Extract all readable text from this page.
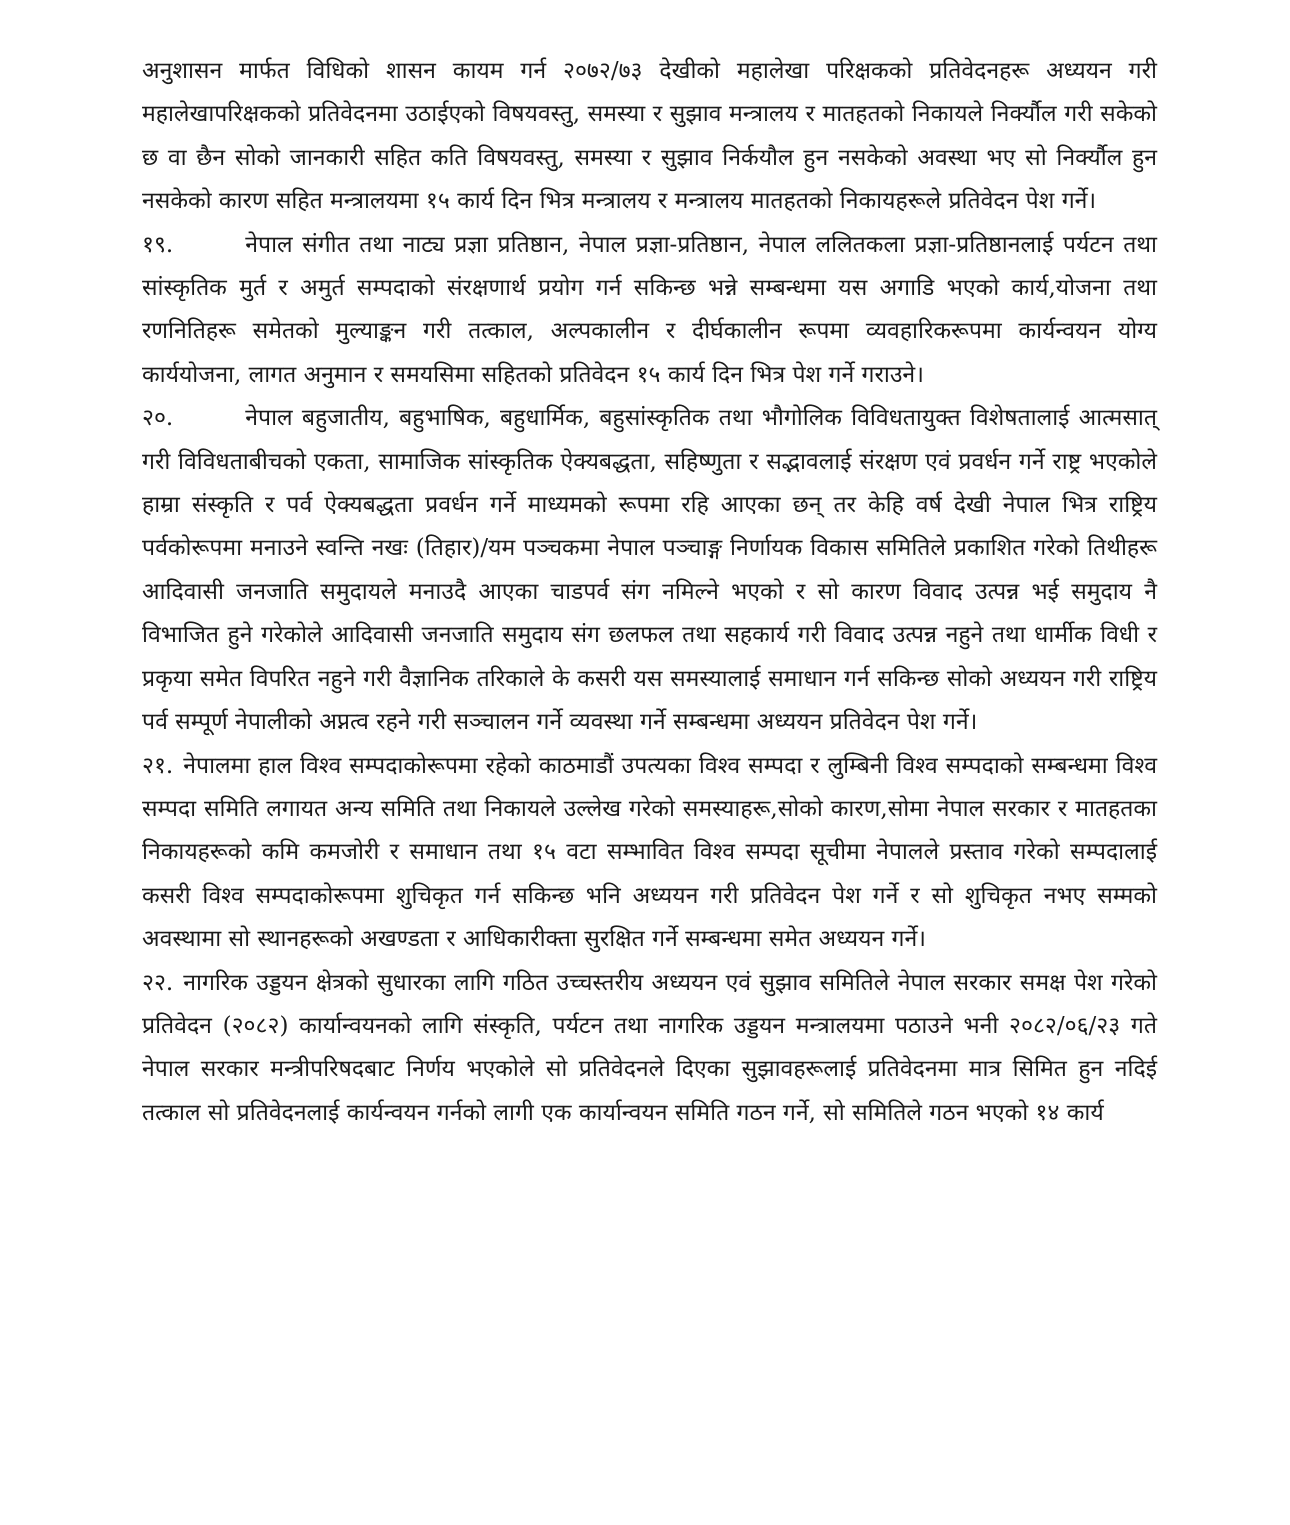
अनुशासन मार्फत विधिको शासन कायम गर्न २०७२/७३ देखीको महालेखा परिक्षकको प्रतिवेदनहरू अध्ययन गरी महालेखापरिक्षकको प्रतिवेदनमा उठाईएको विषयवस्तु, समस्या र सुझाव मन्त्रालय र मातहतको निकायले निर्क्यौल गरी सकेको छ वा छैन सोको जानकारी सहित कति विषयवस्तु, समस्या र सुझाव निर्कयौल हुन नसकेको अवस्था भए सो निर्क्यौल हुन नसकेको कारण सहित मन्त्रालयमा १५ कार्य दिन भित्र मन्त्रालय र मन्त्रालय मातहतको निकायहरूले प्रतिवेदन पेश गर्ने।

१९.	नेपाल संगीत तथा नाट्य प्रज्ञा प्रतिष्ठान, नेपाल प्रज्ञा-प्रतिष्ठान, नेपाल ललितकला प्रज्ञा-प्रतिष्ठानलाई पर्यटन तथा सांस्कृतिक मुर्त र अमुर्त सम्पदाको संरक्षणार्थ प्रयोग गर्न सकिन्छ भन्ने सम्बन्धमा यस अगाडि भएको कार्य,योजना तथा रणनितिहरू समेतको मुल्याङ्कन गरी तत्काल, अल्पकालीन र दीर्घकालीन रूपमा व्यवहारिकरूपमा कार्यन्वयन योग्य कार्ययोजना, लागत अनुमान र समयसिमा सहितको प्रतिवेदन १५ कार्य दिन भित्र पेश गर्ने गराउने।

२०.	नेपाल बहुजातीय, बहुभाषिक, बहुधार्मिक, बहुसांस्कृतिक तथा भौगोलिक विविधतायुक्त विशेषतालाई आत्मसात् गरी विविधताबीचको एकता, सामाजिक सांस्कृतिक ऐक्यबद्धता, सहिष्णुता र सद्भावलाई संरक्षण एवं प्रवर्धन गर्ने राष्ट्र भएकोले हाम्रा संस्कृति र पर्व ऐक्यबद्धता प्रवर्धन गर्ने माध्यमको रूपमा रहि आएका छन् तर केहि वर्ष देखी नेपाल भित्र राष्ट्रिय पर्वकोरूपमा मनाउने स्वन्ति नखः (तिहार)/यम पञ्चकमा नेपाल पञ्चाङ्ग निर्णायक विकास समितिले प्रकाशित गरेको तिथीहरू आदिवासी जनजाति समुदायले मनाउदै आएका चाडपर्व संग नमिल्ने भएको र सो कारण विवाद उत्पन्न भई समुदाय नै विभाजित हुने गरेकोले आदिवासी जनजाति समुदाय संग छलफल तथा सहकार्य गरी विवाद उत्पन्न नहुने तथा धार्मीक विधी र प्रकृया समेत विपरित नहुने गरी वैज्ञानिक तरिकाले के कसरी यस समस्यालाई समाधान गर्न सकिन्छ सोको अध्ययन गरी राष्ट्रिय पर्व सम्पूर्ण नेपालीको अप्नत्व रहने गरी सञ्चालन गर्ने व्यवस्था गर्ने सम्बन्धमा अध्ययन प्रतिवेदन पेश गर्ने।

२१. नेपालमा हाल विश्व सम्पदाकोरूपमा रहेको काठमाडौं उपत्यका विश्व सम्पदा र लुम्बिनी विश्व सम्पदाको सम्बन्धमा विश्व सम्पदा समिति लगायत अन्य समिति तथा निकायले उल्लेख गरेको समस्याहरू,सोको कारण,सोमा नेपाल सरकार र मातहतका निकायहरूको कमि कमजोरी र समाधान तथा १५ वटा सम्भावित विश्व सम्पदा सूचीमा नेपालले प्रस्ताव गरेको सम्पदालाई कसरी विश्व सम्पदाकोरूपमा शुचिकृत गर्न सकिन्छ भनि अध्ययन गरी प्रतिवेदन पेश गर्ने र सो शुचिकृत नभए सम्मको अवस्थामा सो स्थानहरूको अखण्डता र आधिकारीक्ता सुरक्षित गर्ने सम्बन्धमा समेत अध्ययन गर्ने।

२२. नागरिक उड्डयन क्षेत्रको सुधारका लागि गठित उच्चस्तरीय अध्ययन एवं सुझाव समितिले नेपाल सरकार समक्ष पेश गरेको प्रतिवेदन (२०८२) कार्यान्वयनको लागि संस्कृति, पर्यटन तथा नागरिक उड्डयन मन्त्रालयमा पठाउने भनी २०८२/०६/२३ गते नेपाल सरकार मन्त्रीपरिषदबाट निर्णय भएकोले सो प्रतिवेदनले दिएका सुझावहरूलाई प्रतिवेदनमा मात्र सिमित हुन नदिई तत्काल सो प्रतिवेदनलाई कार्यन्वयन गर्नको लागी एक कार्यान्वयन समिति गठन गर्ने, सो समितिले गठन भएको १४ कार्य
